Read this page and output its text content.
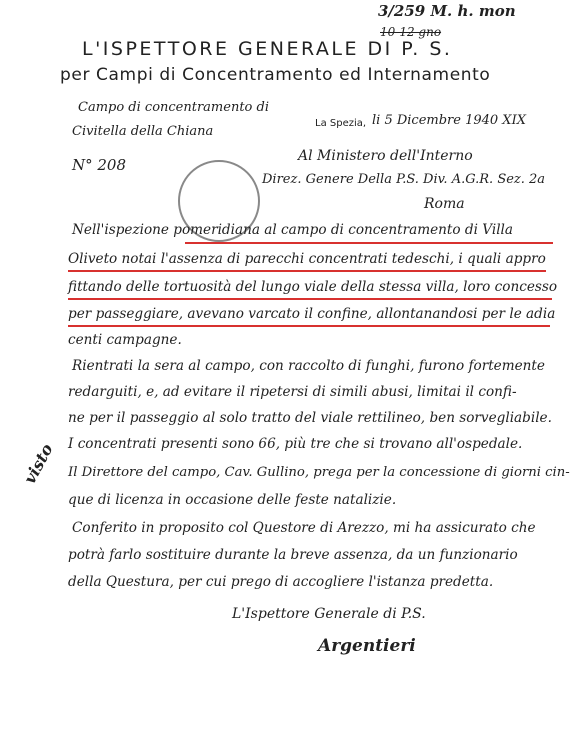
3/259 M. h. mon
10-12 gno
L'ISPETTORE GENERALE DI P. S.
per Campi di Concentramento ed Internamento
Campo di concentramento di
Civitella della Chiana
N° 208
La Spezia, li 5 Dicembre 1940 XIX
Al Ministero dell'Interno
Direz. Genere Della P.S. Div. A.G.R. Sez. 2a
Roma
Nell'ispezione pomeridiana al campo di concentramento di Villa
Oliveto notai l'assenza di parecchi concentrati tedeschi, i quali appro
fittando delle tortuosità del lungo viale della stessa villa, loro concesso
per passeggiare, avevano varcato il confine, allontanandosi per le adia
centi campagne.
Rientrati la sera al campo, con raccolto di funghi, furono fortemente
redarguiti, e, ad evitare il ripetersi di simili abusi, limitai il confi-
ne per il passeggio al solo tratto del viale rettilineo, ben sorvegliabile.
I concentrati presenti sono 66, più tre che si trovano all'ospedale.
Il Direttore del campo, Cav. Gullino, prega per la concessione di giorni cin-
que di licenza in occasione delle feste natalizie.
Conferito in proposito col Questore di Arezzo, mi ha assicurato che
potrà farlo sostituire durante la breve assenza, da un funzionario
della Questura, per cui prego di accogliere l'istanza predetta.
visto
L'Ispettore Generale di P.S.
Argentieri
